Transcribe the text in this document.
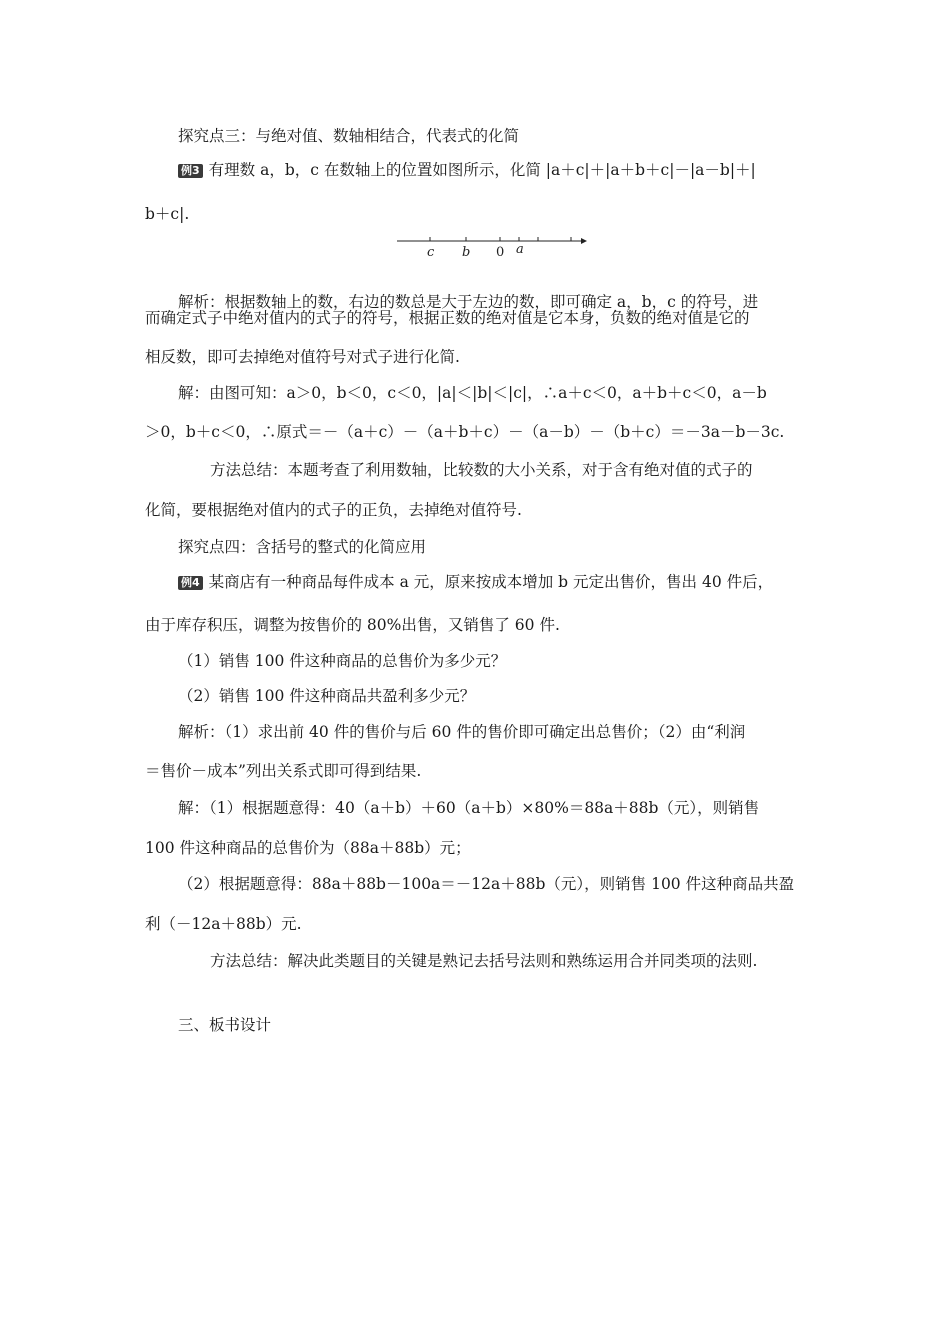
探究点三：与绝对值、数轴相结合，代表式的化简
例3 有理数 a，b，c 在数轴上的位置如图所示，化简 |a＋c|＋|a＋b＋c|－|a－b|＋|
b＋c|.
c b 0 a
解析：根据数轴上的数，右边的数总是大于左边的数，即可确定 a，b，c 的符号，进
而确定式子中绝对值内的式子的符号，根据正数的绝对值是它本身，负数的绝对值是它的
相反数，即可去掉绝对值符号对式子进行化简.
解：由图可知：a＞0，b＜0，c＜0，|a|＜|b|＜|c|，∴a＋c＜0，a＋b＋c＜0，a－b
＞0，b＋c＜0，∴原式＝－（a＋c）－（a＋b＋c）－（a－b）－（b＋c）＝－3a－b－3c.
方法总结：本题考查了利用数轴，比较数的大小关系，对于含有绝对值的式子的
化简，要根据绝对值内的式子的正负，去掉绝对值符号.
探究点四：含括号的整式的化简应用
例4 某商店有一种商品每件成本 a 元，原来按成本增加 b 元定出售价，售出 40 件后，
由于库存积压，调整为按售价的 80%出售，又销售了 60 件.
（1）销售 100 件这种商品的总售价为多少元？
（2）销售 100 件这种商品共盈利多少元？
解析：（1）求出前 40 件的售价与后 60 件的售价即可确定出总售价；（2）由“利润
＝售价－成本”列出关系式即可得到结果.
解：（1）根据题意得：40（a＋b）＋60（a＋b）×80%＝88a＋88b（元），则销售
100 件这种商品的总售价为（88a＋88b）元；
（2）根据题意得：88a＋88b－100a＝－12a＋88b（元），则销售 100 件这种商品共盈
利（－12a＋88b）元.
方法总结：解决此类题目的关键是熟记去括号法则和熟练运用合并同类项的法则.
三、板书设计
